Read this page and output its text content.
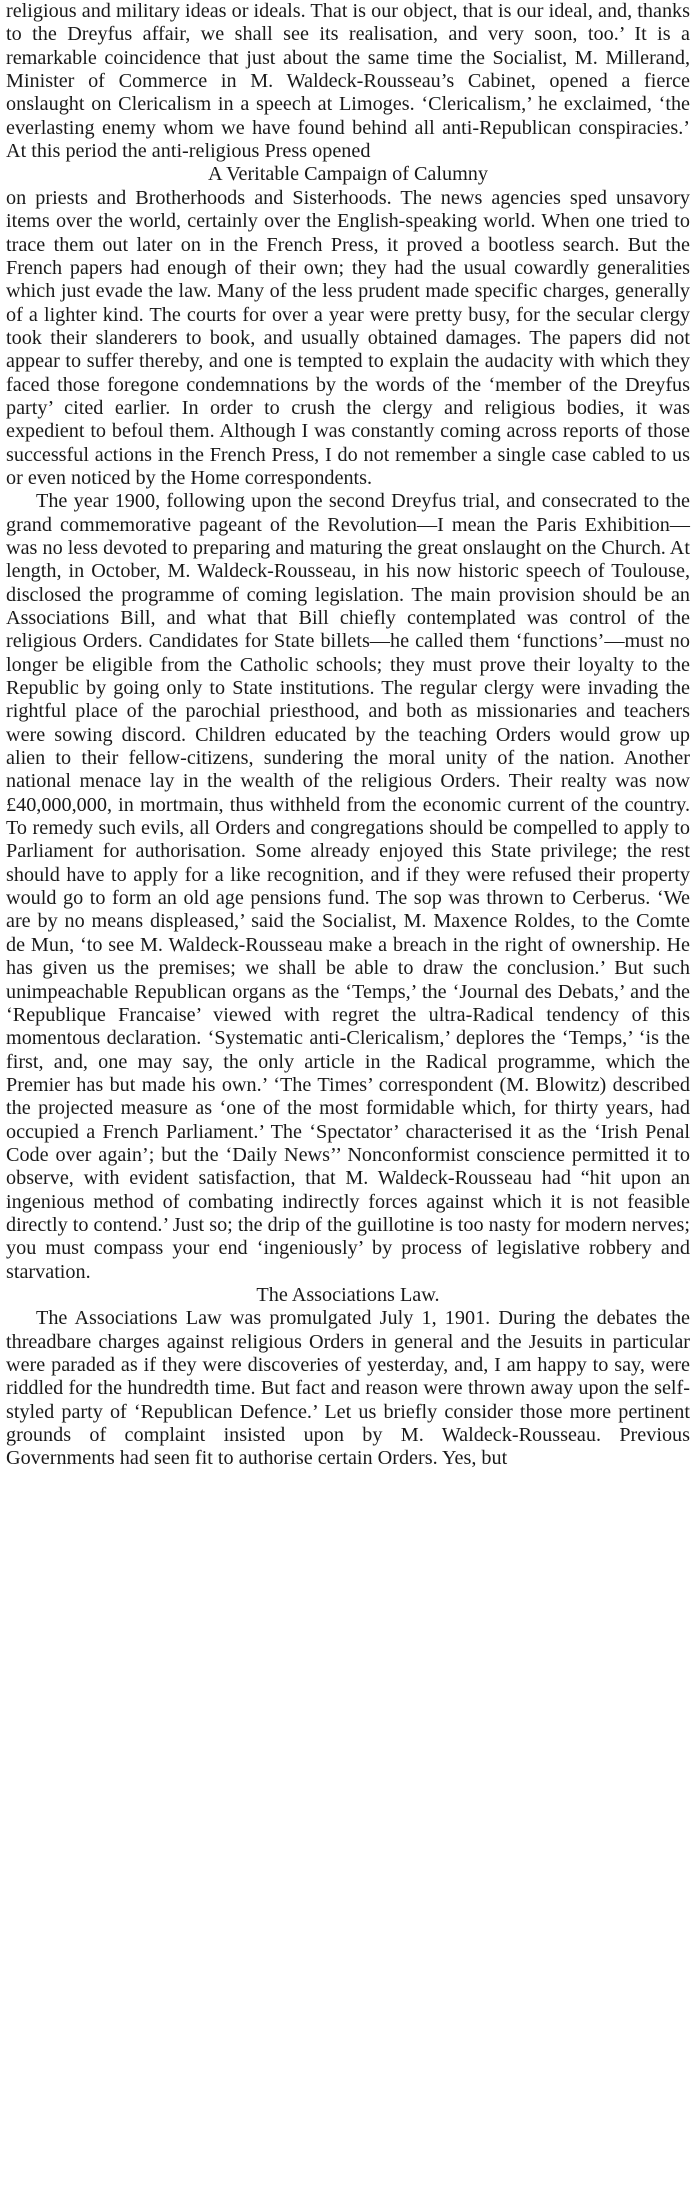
religious and military ideas or ideals. That is our object, that is our ideal, and, thanks to the Dreyfus affair, we shall see its realisation, and very soon, too.’ It is a remarkable coincidence that just about the same time the Socialist, M. Millerand, Minister of Commerce in M. Waldeck-Rousseau’s Cabinet, opened a fierce onslaught on Clericalism in a speech at Limoges. ‘Clericalism,’ he exclaimed, ‘the everlasting enemy whom we have found behind all anti-Republican conspiracies.’ At this period the anti-religious Press opened

A Veritable Campaign of Calumny

on priests and Brotherhoods and Sisterhoods. The news agencies sped unsavory items over the world, certainly over the English-speaking world. When one tried to trace them out later on in the French Press, it proved a bootless search. But the French papers had enough of their own; they had the usual cowardly generalities which just evade the law. Many of the less prudent made specific charges, generally of a lighter kind. The courts for over a year were pretty busy, for the secular clergy took their slanderers to book, and usually obtained damages. The papers did not appear to suffer thereby, and one is tempted to explain the audacity with which they faced those foregone condemnations by the words of the ‘member of the Dreyfus party’ cited earlier. In order to crush the clergy and religious bodies, it was expedient to befoul them. Although I was constantly coming across reports of those successful actions in the French Press, I do not remember a single case cabled to us or even noticed by the Home correspondents.

The year 1900, following upon the second Dreyfus trial, and consecrated to the grand commemorative pageant of the Revolution—I mean the Paris Exhibition—was no less devoted to preparing and maturing the great onslaught on the Church. At length, in October, M. Waldeck-Rousseau, in his now historic speech of Toulouse, disclosed the programme of coming legislation. The main provision should be an Associations Bill, and what that Bill chiefly contemplated was control of the religious Orders. Candidates for State billets—he called them ‘functions’—must no longer be eligible from the Catholic schools; they must prove their loyalty to the Republic by going only to State institutions. The regular clergy were invading the rightful place of the parochial priesthood, and both as missionaries and teachers were sowing discord. Children educated by the teaching Orders would grow up alien to their fellow-citizens, sundering the moral unity of the nation. Another national menace lay in the wealth of the religious Orders. Their realty was now £40,000,000, in mortmain, thus withheld from the economic current of the country. To remedy such evils, all Orders and congregations should be compelled to apply to Parliament for authorisation. Some already enjoyed this State privilege; the rest should have to apply for a like recognition, and if they were refused their property would go to form an old age pensions fund. The sop was thrown to Cerberus. ‘We are by no means displeased,’ said the Socialist, M. Maxence Roldes, to the Comte de Mun, ‘to see M. Waldeck-Rousseau make a breach in the right of ownership. He has given us the premises; we shall be able to draw the conclusion.’ But such unimpeachable Republican organs as the ‘Temps,’ the ‘Journal des Debats,’ and the ‘Republique Francaise’ viewed with regret the ultra-Radical tendency of this momentous declaration. ‘Systematic anti-Clericalism,’ deplores the ‘Temps,’ ‘is the first, and, one may say, the only article in the Radical programme, which the Premier has but made his own.’ ‘The Times’ correspondent (M. Blowitz) described the projected measure as ‘one of the most formidable which, for thirty years, had occupied a French Parliament.’ The ‘Spectator’ characterised it as the ‘Irish Penal Code over again’; but the ‘Daily News’’ Nonconformist conscience permitted it to observe, with evident satisfaction, that M. Waldeck-Rousseau had “hit upon an ingenious method of combating indirectly forces against which it is not feasible directly to contend.’ Just so; the drip of the guillotine is too nasty for modern nerves; you must compass your end ‘ingeniously’ by process of legislative robbery and starvation.

The Associations Law.

The Associations Law was promulgated July 1, 1901. During the debates the threadbare charges against religious Orders in general and the Jesuits in particular were paraded as if they were discoveries of yesterday, and, I am happy to say, were riddled for the hundredth time. But fact and reason were thrown away upon the self-styled party of ‘Republican Defence.’ Let us briefly consider those more pertinent grounds of complaint insisted upon by M. Waldeck-Rousseau. Previous Governments had seen fit to authorise certain Orders. Yes, but
